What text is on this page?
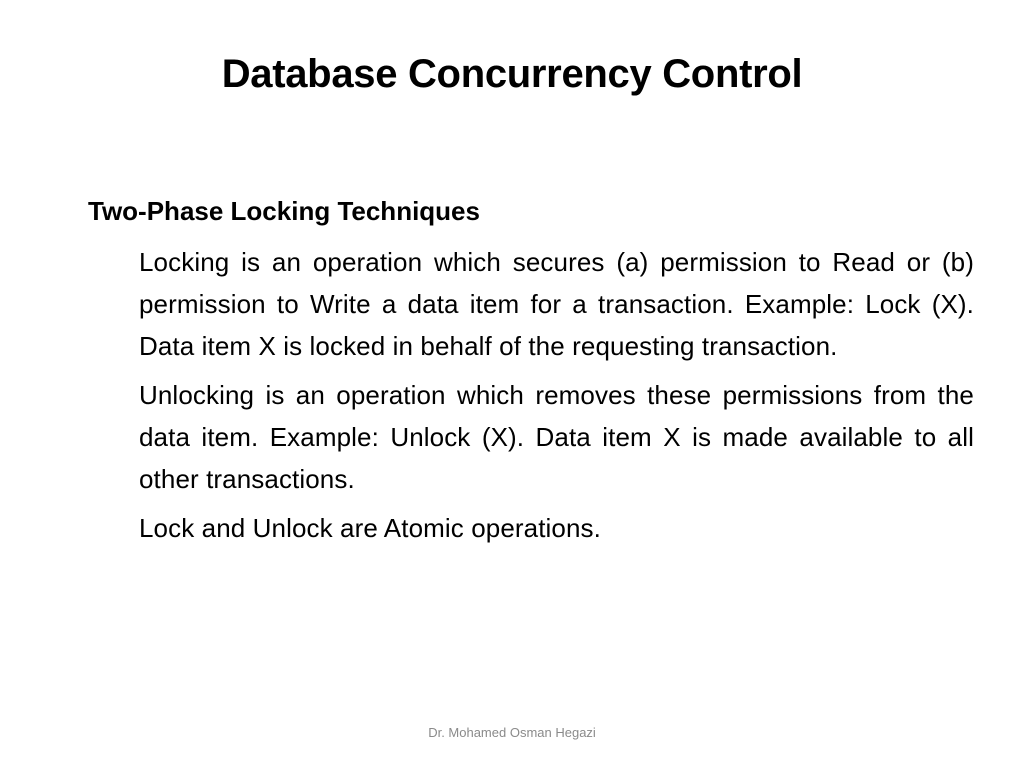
Database Concurrency Control

Two-Phase Locking Techniques

Locking is an operation which secures (a) permission to Read or (b) permission to Write a data item for a transaction. Example: Lock (X). Data item X is locked in behalf of the requesting transaction.

Unlocking is an operation which removes these permissions from the data item. Example: Unlock (X). Data item X is made available to all other transactions.

Lock and Unlock are Atomic operations.

Dr. Mohamed Osman Hegazi
